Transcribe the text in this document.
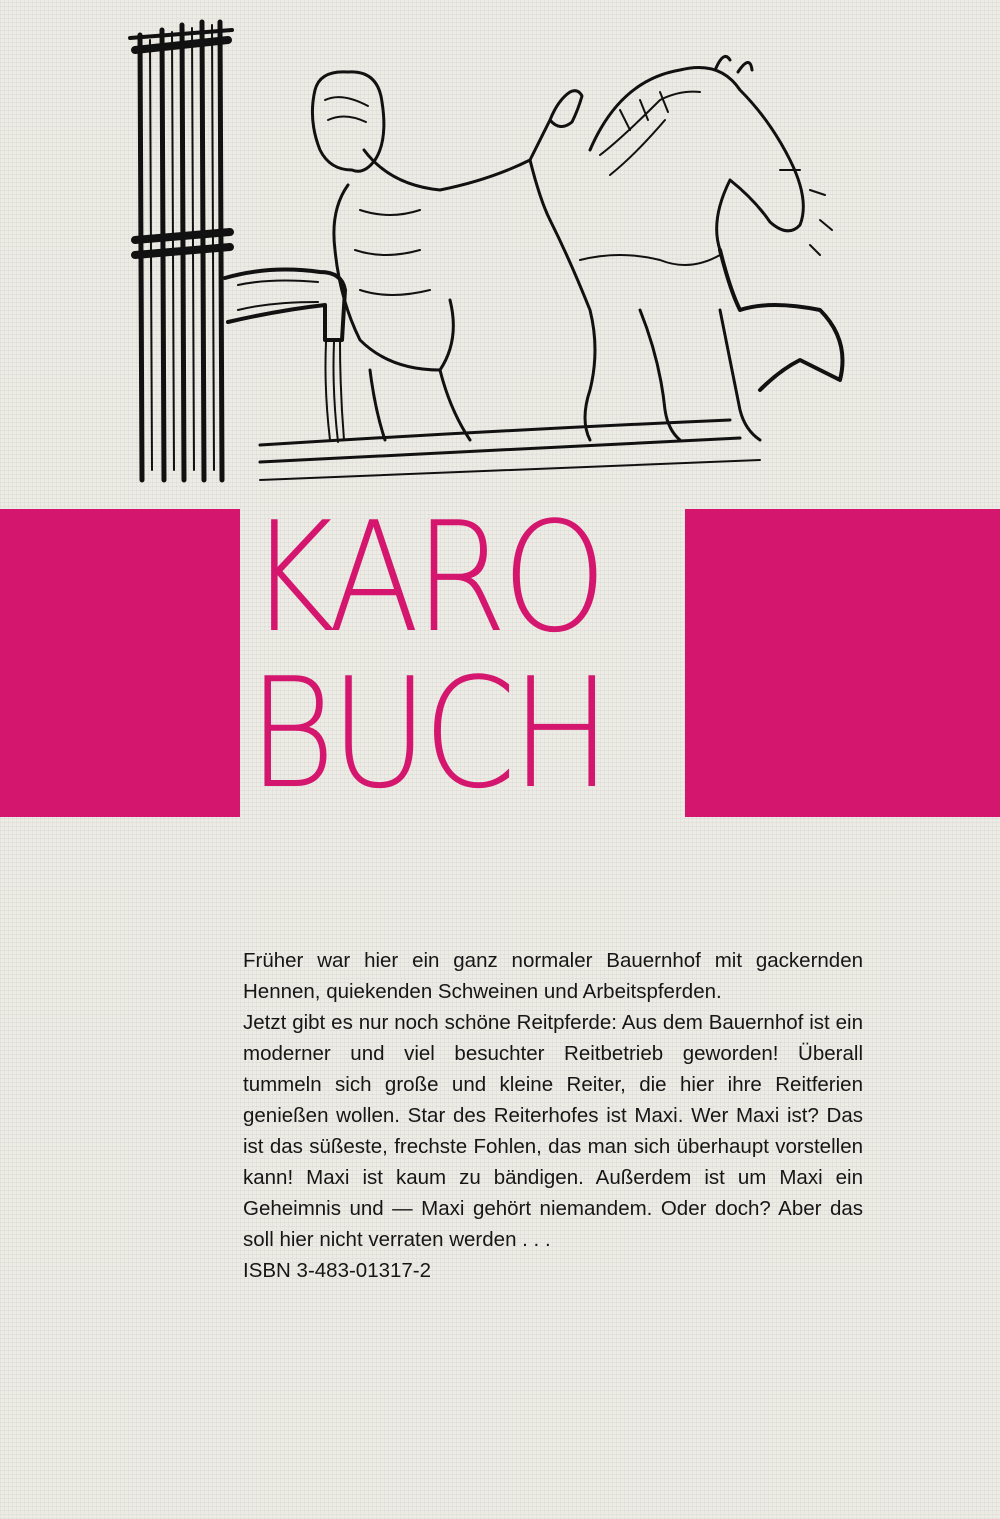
KARO
BUCH

Früher war hier ein ganz normaler Bauernhof mit gackernden Hennen, quiekenden Schweinen und Arbeitspferden.

Jetzt gibt es nur noch schöne Reitpferde: Aus dem Bauernhof ist ein moderner und viel besuchter Reitbetrieb geworden! Überall tummeln sich große und kleine Reiter, die hier ihre Reitferien genießen wollen. Star des Reiterhofes ist Maxi. Wer Maxi ist? Das ist das süßeste, frechste Fohlen, das man sich überhaupt vorstellen kann! Maxi ist kaum zu bändigen. Außerdem ist um Maxi ein Geheimnis und — Maxi gehört niemandem. Oder doch? Aber das soll hier nicht verraten werden . . .

ISBN 3-483-01317-2
